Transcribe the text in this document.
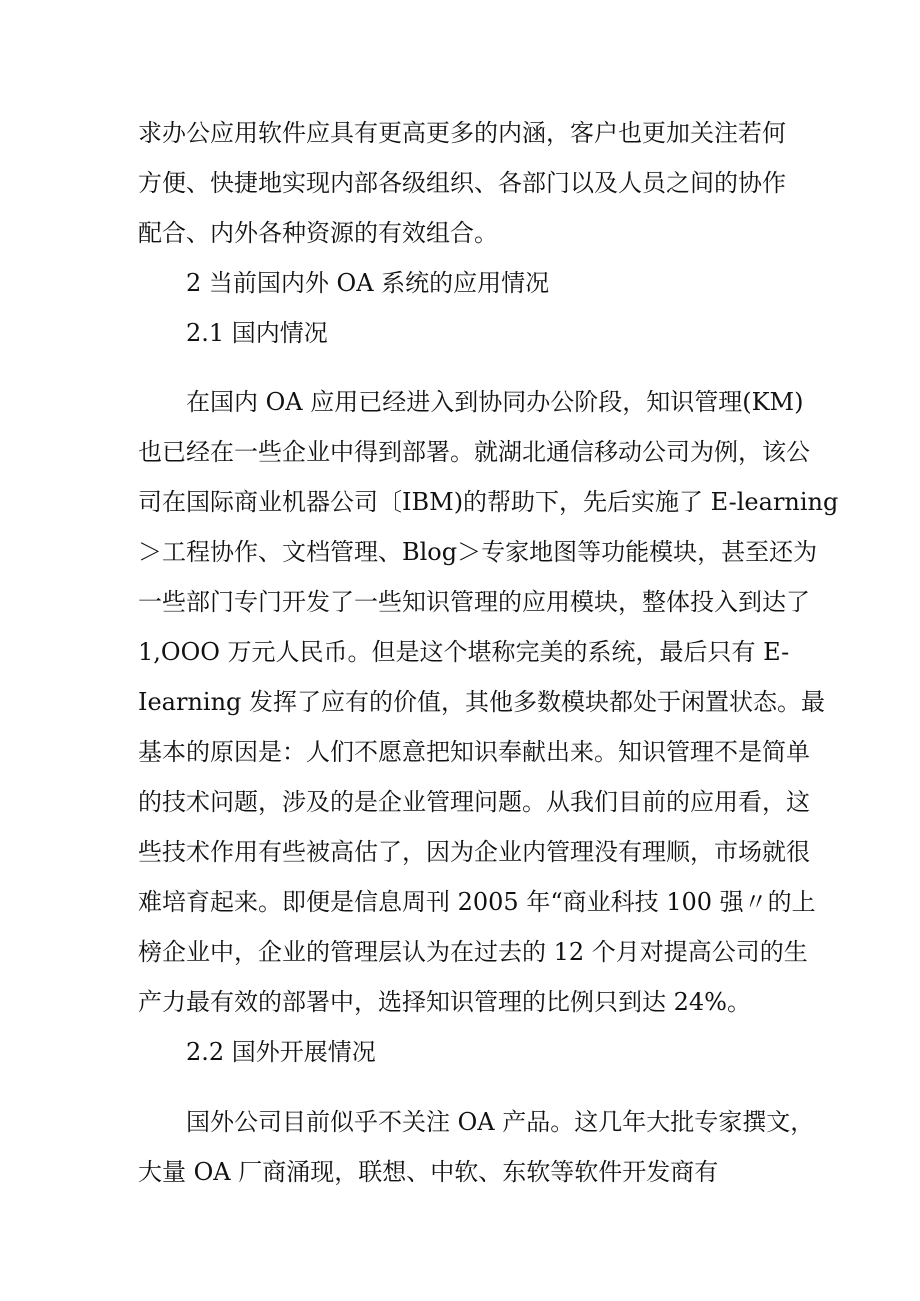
求办公应用软件应具有更高更多的内涵，客户也更加关注若何
方便、快捷地实现内部各级组织、各部门以及人员之间的协作
配合、内外各种资源的有效组合。
2 当前国内外 OA 系统的应用情况
2.1 国内情况
在国内 OA 应用已经进入到协同办公阶段，知识管理(KM)
也已经在一些企业中得到部署。就湖北通信移动公司为例，该公
司在国际商业机器公司〔IBM)的帮助下，先后实施了 E-learning
＞工程协作、文档管理、Blog＞专家地图等功能模块，甚至还为
一些部门专门开发了一些知识管理的应用模块，整体投入到达了
1,OOO 万元人民币。但是这个堪称完美的系统，最后只有 E-
Iearning 发挥了应有的价值，其他多数模块都处于闲置状态。最
基本的原因是：人们不愿意把知识奉献出来。知识管理不是简单
的技术问题，涉及的是企业管理问题。从我们目前的应用看，这
些技术作用有些被高估了，因为企业内管理没有理顺，市场就很
难培育起来。即便是信息周刊 2005 年“商业科技 100 强〃的上
榜企业中，企业的管理层认为在过去的 12 个月对提高公司的生
产力最有效的部署中，选择知识管理的比例只到达 24%。
2.2 国外开展情况
国外公司目前似乎不关注 OA 产品。这几年大批专家撰文，
大量 OA 厂商涌现，联想、中软、东软等软件开发商有
